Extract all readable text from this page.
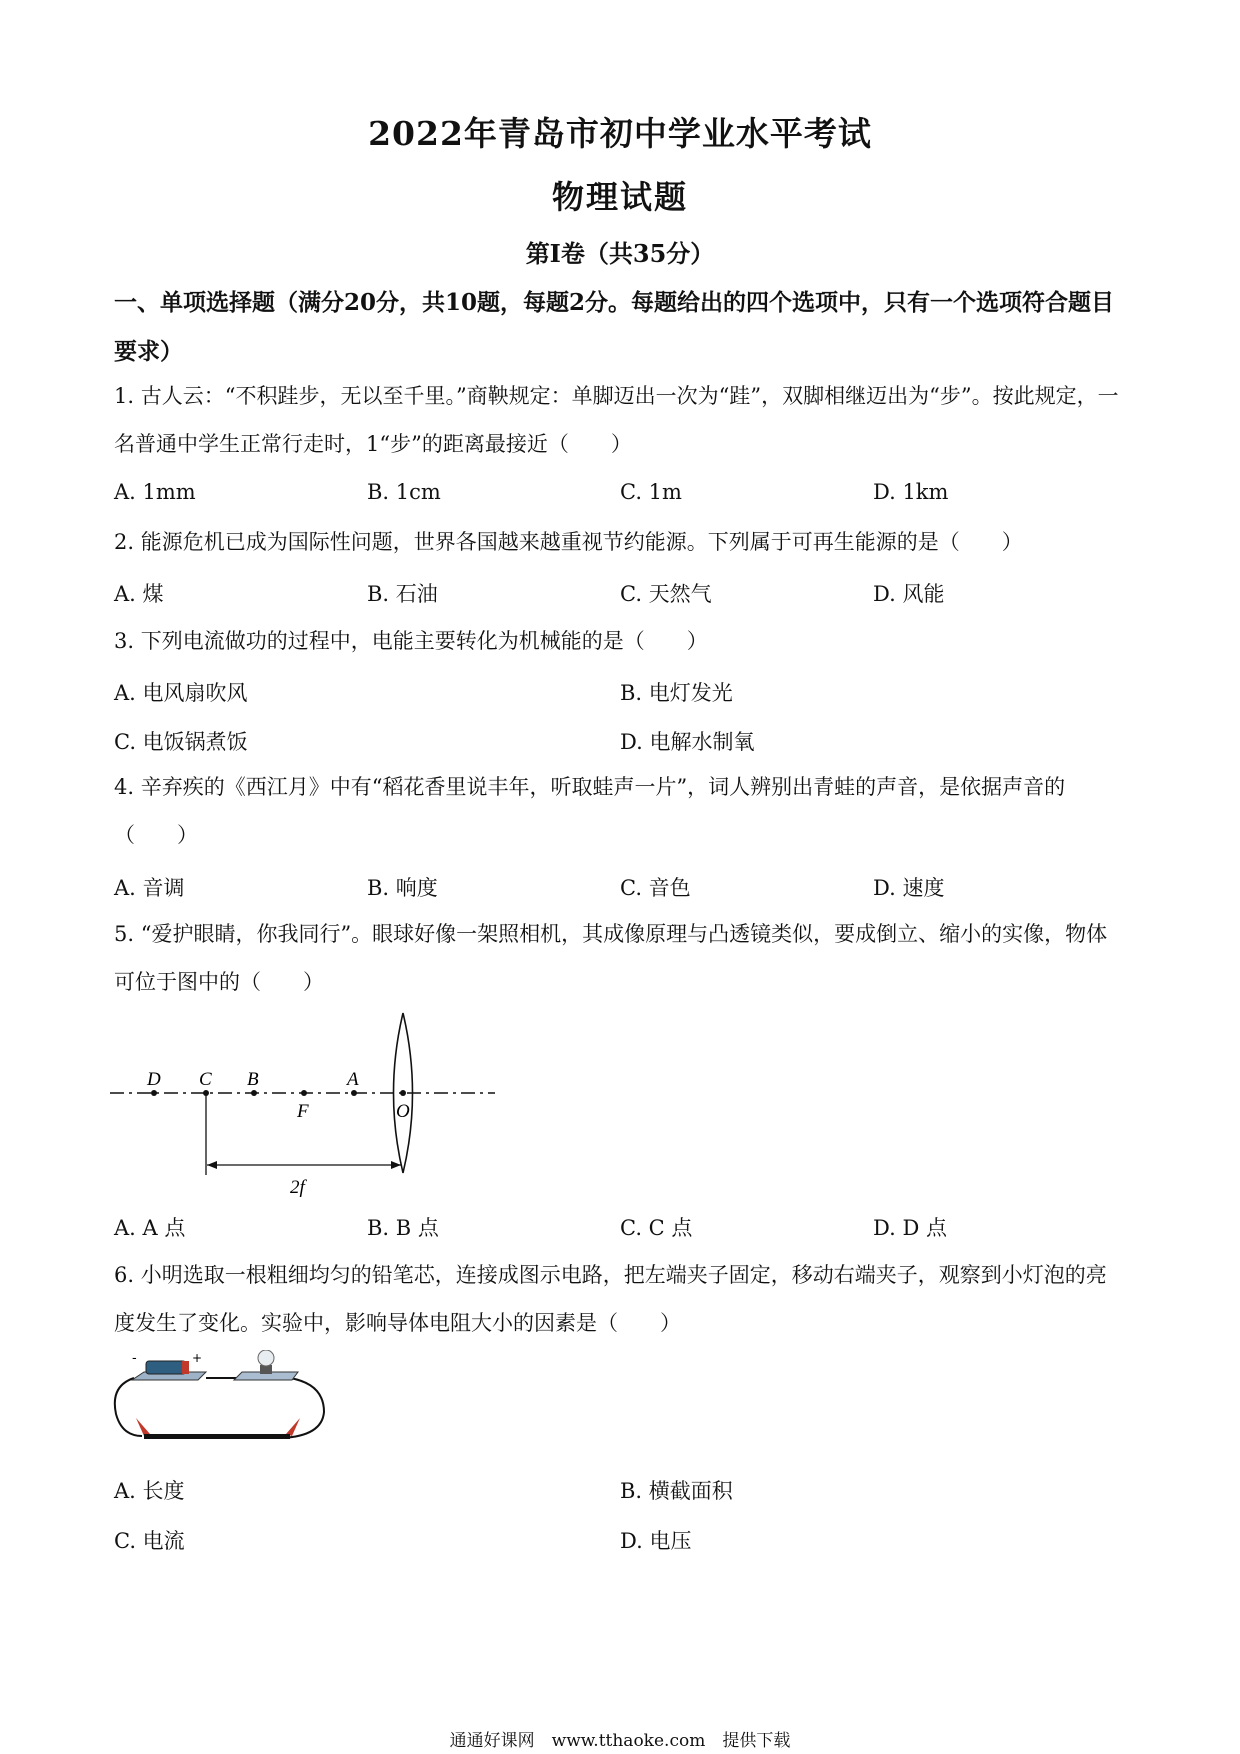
2022年青岛市初中学业水平考试
物理试题
第Ⅰ卷（共35分）
一、单项选择题（满分20分，共10题，每题2分。每题给出的四个选项中，只有一个选项符合题目要求）
1. 古人云：“不积跬步，无以至千里。”商鞅规定：单脚迈出一次为“跬”，双脚相继迈出为“步”。按此规定，一名普通中学生正常行走时，1“步”的距离最接近（　　）
A. 1mm	B. 1cm	C. 1m	D. 1km
2. 能源危机已成为国际性问题，世界各国越来越重视节约能源。下列属于可再生能源的是（　　）
A. 煤	B. 石油	C. 天然气	D. 风能
3. 下列电流做功的过程中，电能主要转化为机械能的是（　　）
A. 电风扇吹风	B. 电灯发光
C. 电饭锅煮饭	D. 电解水制氧
4. 辛弃疾的《西江月》中有“稻花香里说丰年，听取蛙声一片”，词人辨别出青蛙的声音，是依据声音的（　　）
A. 音调	B. 响度	C. 音色	D. 速度
5. “爱护眼睛，你我同行”。眼球好像一架照相机，其成像原理与凸透镜类似，要成倒立、缩小的实像，物体可位于图中的（　　）
D C B
F
A
O
2f
A. A 点	B. B 点	C. C 点	D. D 点
6. 小明选取一根粗细均匀的铅笔芯，连接成图示电路，把左端夹子固定，移动右端夹子，观察到小灯泡的亮度发生了变化。实验中，影响导体电阻大小的因素是（　　）
-	+
A. 长度	B. 横截面积
C. 电流	D. 电压
通通好课网　www.tthaoke.com　提供下载
